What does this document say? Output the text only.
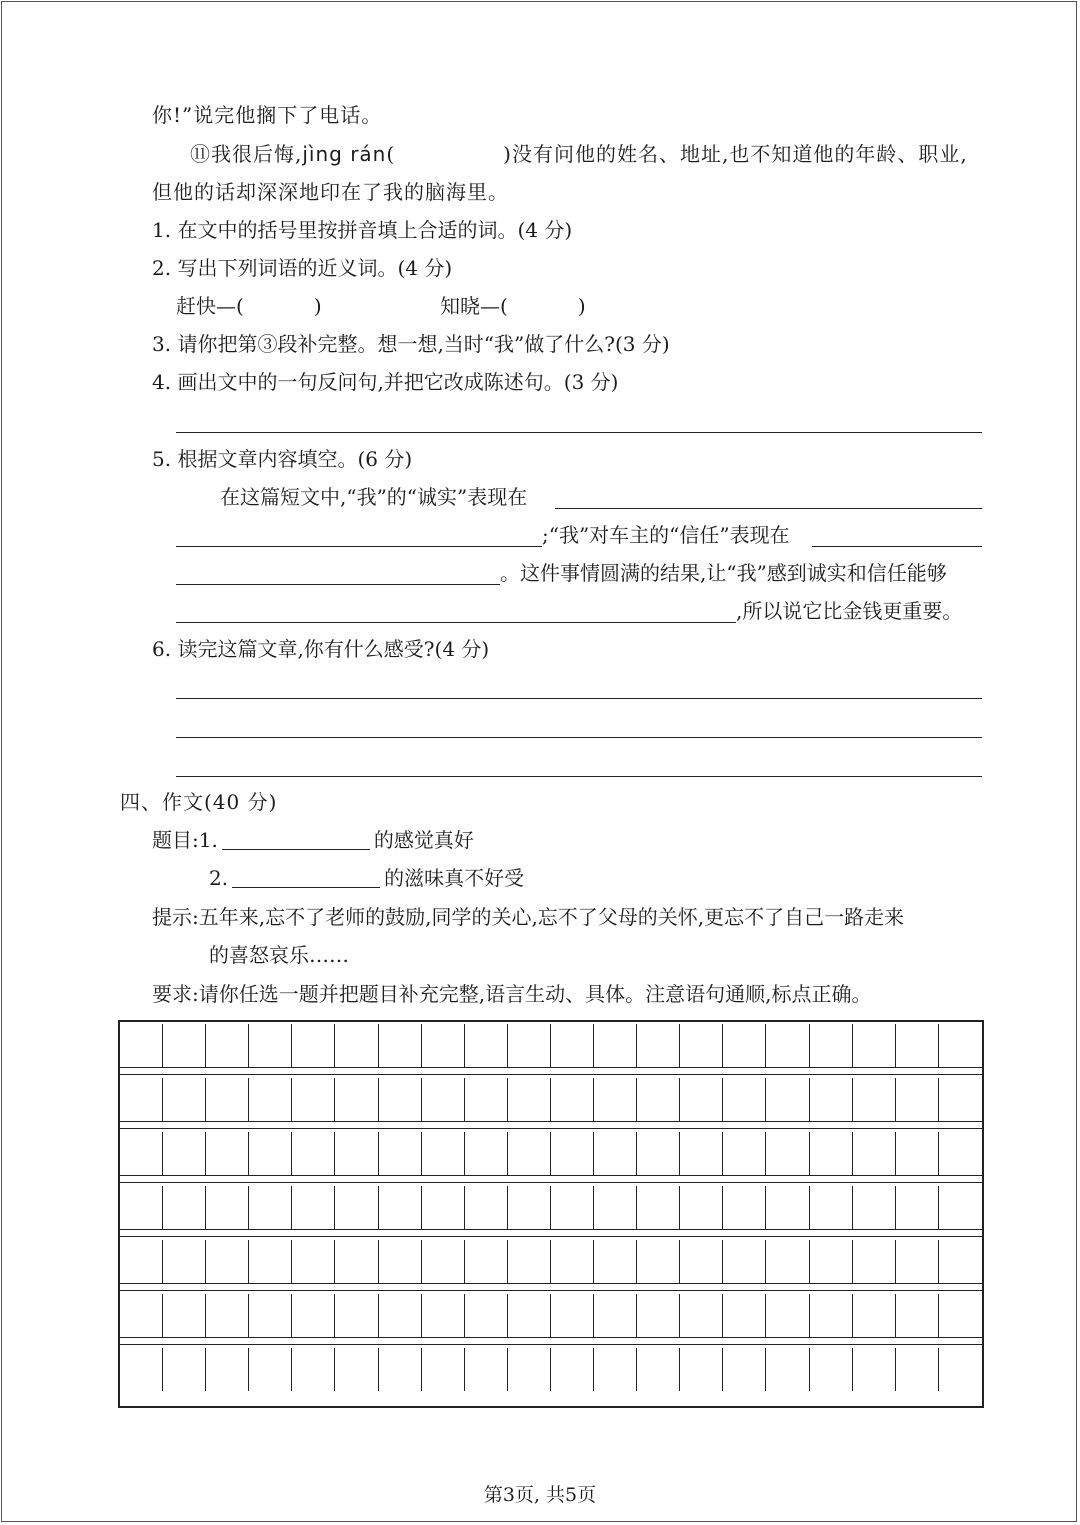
你!”说完他搁下了电话。
⑪我很后悔,jìng rán(	)没有问他的姓名、地址,也不知道他的年龄、职业,
但他的话却深深地印在了我的脑海里。
1. 在文中的括号里按拼音填上合适的词。(4 分)
2. 写出下列词语的近义词。(4 分)
赶快—(	)	知晓—(	)
3. 请你把第③段补完整。想一想,当时“我”做了什么?(3 分)
4. 画出文中的一句反问句,并把它改成陈述句。(3 分)
5. 根据文章内容填空。(6 分)
在这篇短文中,“我”的“诚实”表现在
;“我”对车主的“信任”表现在
。这件事情圆满的结果,让“我”感到诚实和信任能够
,所以说它比金钱更重要。
6. 读完这篇文章,你有什么感受?(4 分)
四、作文(40 分)
题目:1.	的感觉真好
2.	的滋味真不好受
提示:五年来,忘不了老师的鼓励,同学的关心,忘不了父母的关怀,更忘不了自己一路走来
的喜怒哀乐……
要求:请你任选一题并把题目补充完整,语言生动、具体。注意语句通顺,标点正确。
第3页, 共5页
